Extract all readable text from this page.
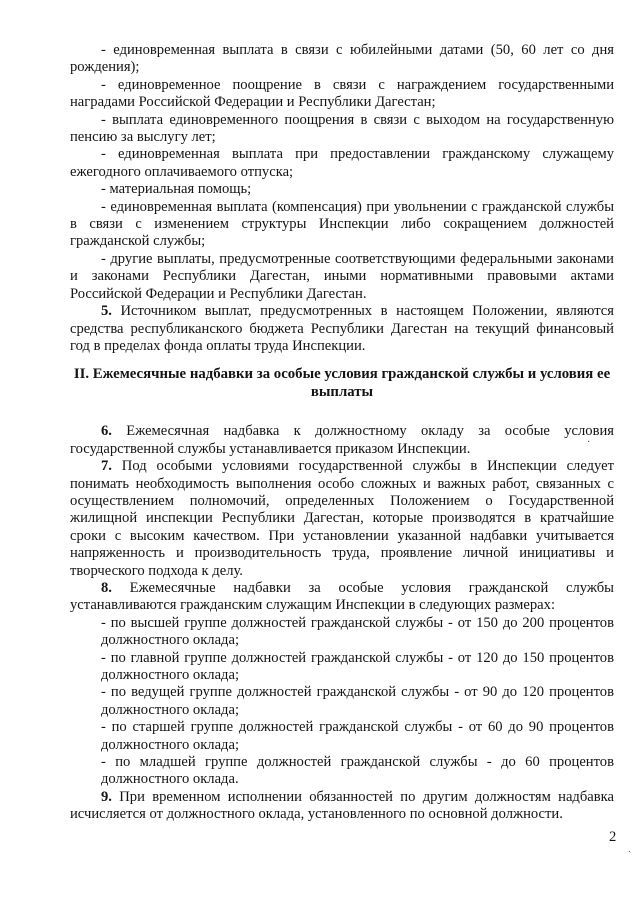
- единовременная выплата в связи с юбилейными датами (50, 60 лет со дня рождения);

- единовременное поощрение в связи с награждением государственными наградами Российской Федерации и Республики Дагестан;

- выплата единовременного поощрения в связи с выходом на государственную пенсию за выслугу лет;

- единовременная выплата при предоставлении гражданскому служащему ежегодного оплачиваемого отпуска;

- материальная помощь;

- единовременная выплата (компенсация) при увольнении с гражданской службы в связи с изменением структуры Инспекции либо сокращением должностей гражданской службы;

- другие выплаты, предусмотренные соответствующими федеральными законами и законами Республики Дагестан, иными нормативными правовыми актами Российской Федерации и Республики Дагестан.

5. Источником выплат, предусмотренных в настоящем Положении, являются средства республиканского бюджета Республики Дагестан на текущий финансовый год в пределах фонда оплаты труда Инспекции.

II. Ежемесячные надбавки за особые условия гражданской службы и условия ее выплаты

6. Ежемесячная надбавка к должностному окладу за особые условия государственной службы устанавливается приказом Инспекции.

7. Под особыми условиями государственной службы в Инспекции следует понимать необходимость выполнения особо сложных и важных работ, связанных с осуществлением полномочий, определенных Положением о Государственной жилищной инспекции Республики Дагестан, которые производятся в кратчайшие сроки с высоким качеством. При установлении указанной надбавки учитывается напряженность и производительность труда, проявление личной инициативы и творческого подхода к делу.

8. Ежемесячные надбавки за особые условия гражданской службы устанавливаются гражданским служащим Инспекции в следующих размерах:

- по высшей группе должностей гражданской службы - от 150 до 200 процентов должностного оклада;

- по главной группе должностей гражданской службы - от 120 до 150 процентов должностного оклада;

- по ведущей группе должностей гражданской службы - от 90 до 120 процентов должностного оклада;

- по старшей группе должностей гражданской службы - от 60 до 90 процентов должностного оклада;

- по младшей группе должностей гражданской службы - до 60 процентов должностного оклада.

9. При временном исполнении обязанностей по другим должностям надбавка исчисляется от должностного оклада, установленного по основной должности.

2
·
ˏ
